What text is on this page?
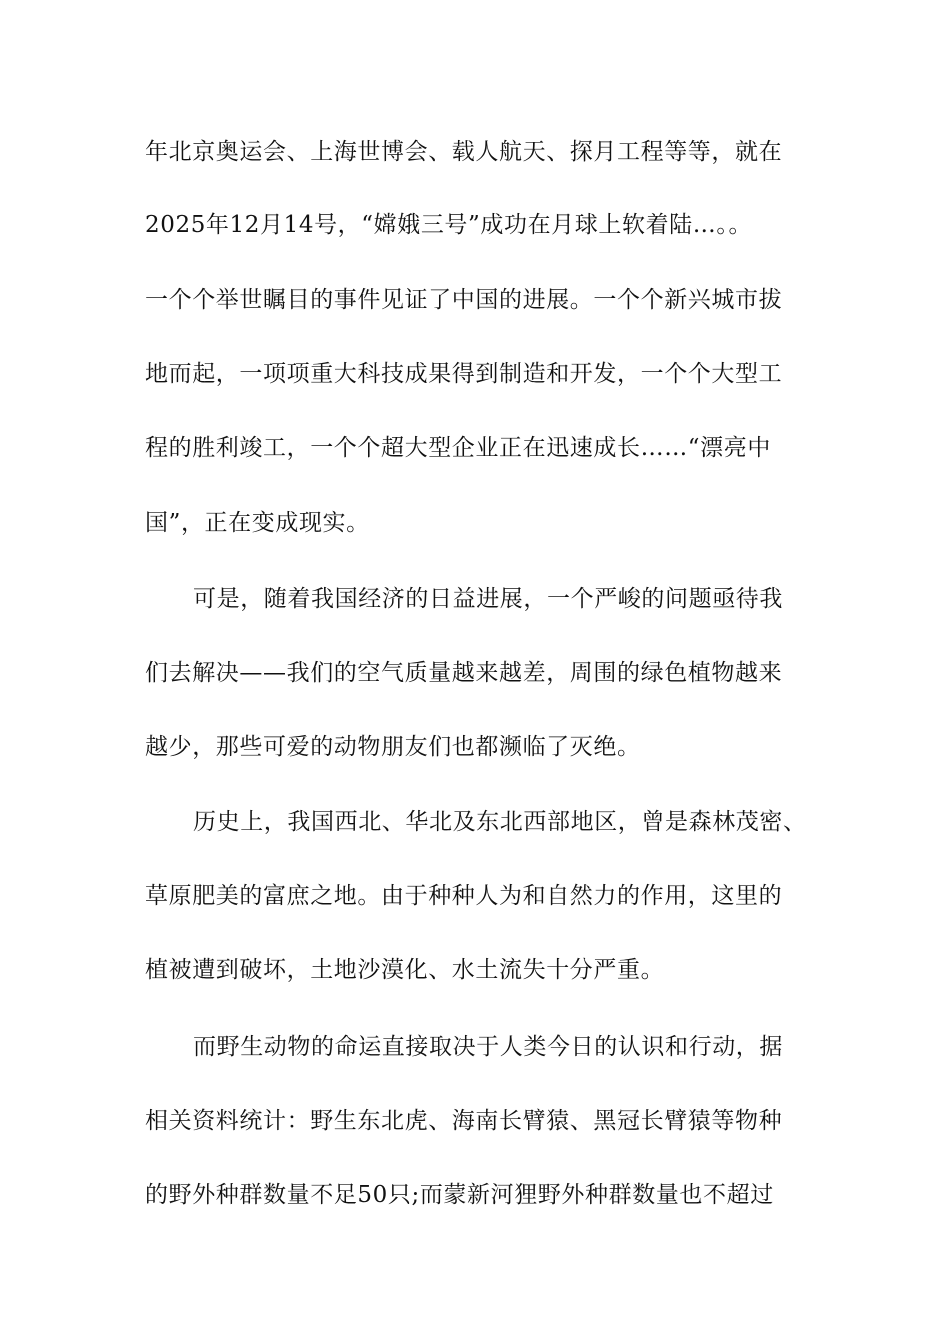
年北京奥运会、上海世博会、载人航天、探月工程等等，就在
2025年12月14号，“嫦娥三号”成功在月球上软着陆…。。
一个个举世瞩目的事件见证了中国的进展。一个个新兴城市拔
地而起，一项项重大科技成果得到制造和开发，一个个大型工
程的胜利竣工，一个个超大型企业正在迅速成长……“漂亮中
国”，正在变成现实。
可是，随着我国经济的日益进展，一个严峻的问题亟待我
们去解决——我们的空气质量越来越差，周围的绿色植物越来
越少，那些可爱的动物朋友们也都濒临了灭绝。
历史上，我国西北、华北及东北西部地区，曾是森林茂密、
草原肥美的富庶之地。由于种种人为和自然力的作用，这里的
植被遭到破坏，土地沙漠化、水土流失十分严重。
而野生动物的命运直接取决于人类今日的认识和行动，据
相关资料统计：野生东北虎、海南长臂猿、黑冠长臂猿等物种
的野外种群数量不足50只;而蒙新河狸野外种群数量也不超过
